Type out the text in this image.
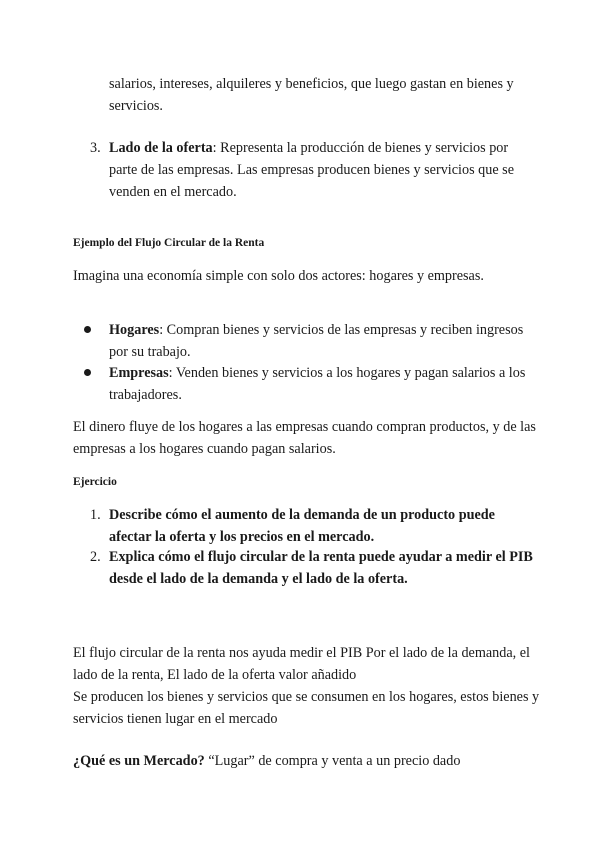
salarios, intereses, alquileres y beneficios, que luego gastan en bienes y servicios.

3. Lado de la oferta: Representa la producción de bienes y servicios por parte de las empresas. Las empresas producen bienes y servicios que se venden en el mercado.

Ejemplo del Flujo Circular de la Renta

Imagina una economía simple con solo dos actores: hogares y empresas.

Hogares: Compran bienes y servicios de las empresas y reciben ingresos por su trabajo.

Empresas: Venden bienes y servicios a los hogares y pagan salarios a los trabajadores.

El dinero fluye de los hogares a las empresas cuando compran productos, y de las empresas a los hogares cuando pagan salarios.

Ejercicio
1. Describe cómo el aumento de la demanda de un producto puede afectar la oferta y los precios en el mercado.

2. Explica cómo el flujo circular de la renta puede ayudar a medir el PIB desde el lado de la demanda y el lado de la oferta.

El flujo circular de la renta nos ayuda medir el PIB Por el lado de la demanda, el lado de la renta, El lado de la oferta valor añadido

Se producen los bienes y servicios que se consumen en los hogares, estos bienes y servicios tienen lugar en el mercado

¿Qué es un Mercado? “Lugar” de compra y venta a un precio dado
